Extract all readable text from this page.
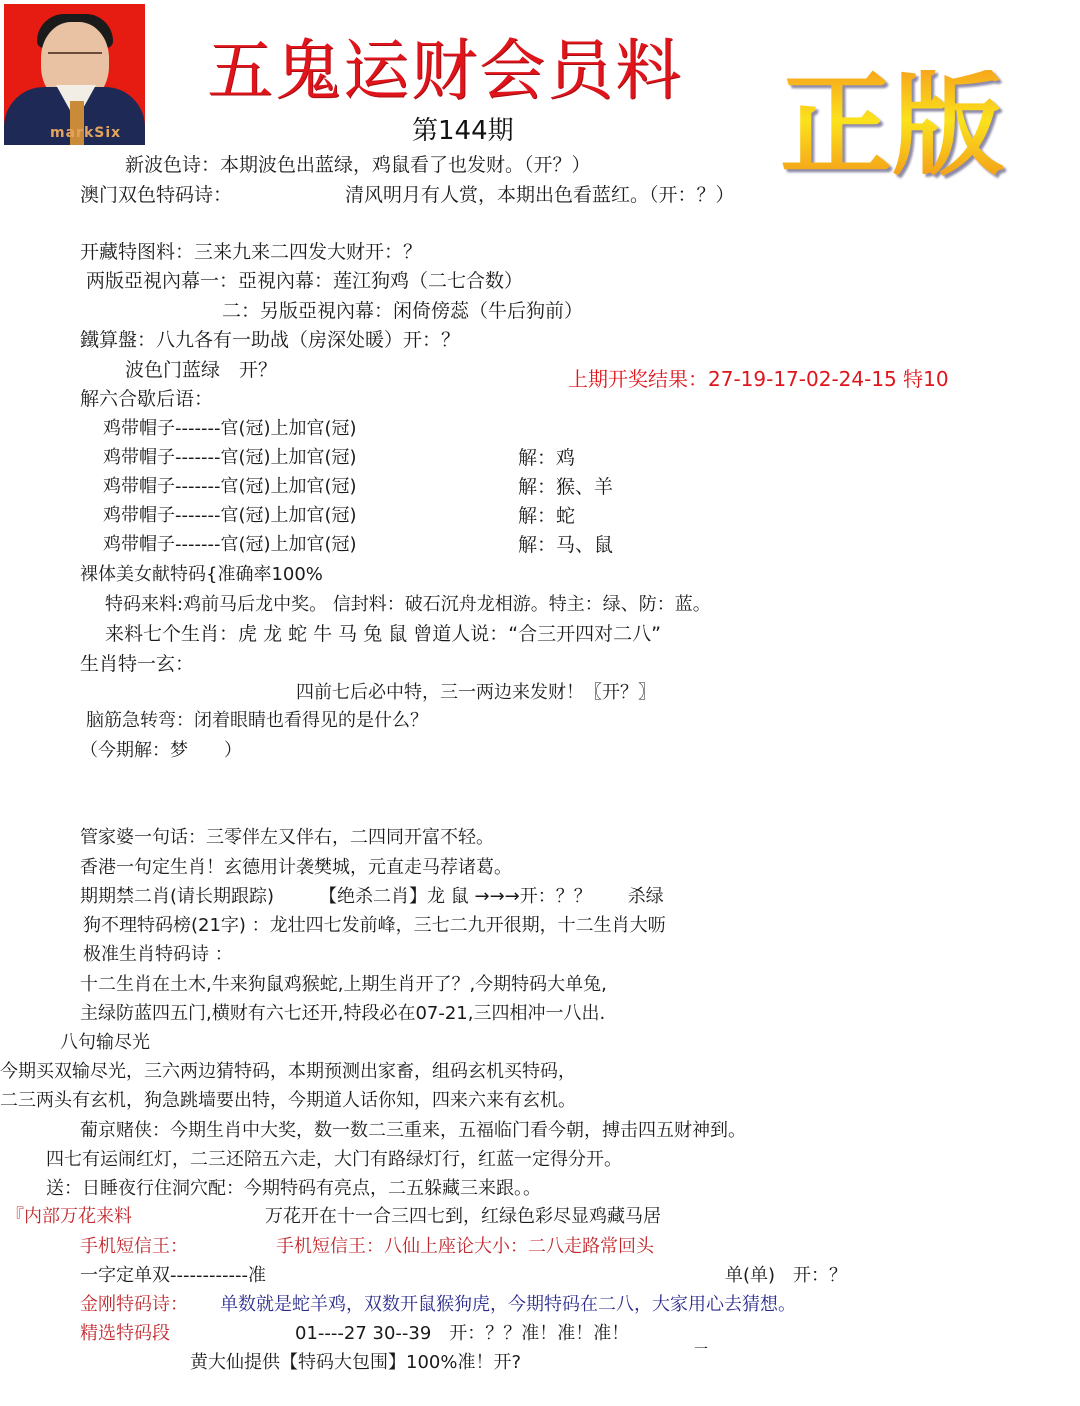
markSix
五鬼运财会员料
第144期 正版
新波色诗：本期波色出蓝绿，鸡鼠看了也发财。（开？）
澳门双色特码诗：	清风明月有人赏，本期出色看蓝红。（开：？）
开藏特图料：三来九来二四发大财开：？
两版亞視內幕一：亞視內幕：莲江狗鸡（二七合数）
二：另版亞視內幕：闲倚傍蕊（牛后狗前）
鐵算盤：八九各有一助战（房深处暖）开：？
波色门蓝绿　开？	上期开奖结果：27-19-17-02-24-15 特10
解六合歇后语：
鸡带帽子-------官(冠)上加官(冠)
鸡带帽子-------官(冠)上加官(冠)	解：鸡
鸡带帽子-------官(冠)上加官(冠)	解：猴、羊
鸡带帽子-------官(冠)上加官(冠)	解：蛇
鸡带帽子-------官(冠)上加官(冠)	解：马、鼠
裸体美女献特码{准确率100%
特码来料:鸡前马后龙中奖。 信封料：破石沉舟龙相游。特主：绿、防：蓝。
来料七个生肖：虎 龙 蛇 牛 马 兔 鼠 曾道人说：“合三开四对二八”
生肖特一玄：
四前七后必中特，三一两边来发财！〖开？〗
脑筋急转弯：闭着眼睛也看得见的是什么？
（今期解：梦　　）
管家婆一句话：三零伴左又伴右，二四同开富不轻。
香港一句定生肖！玄德用计袭樊城，元直走马荐诸葛。
期期禁二肖(请长期跟踪)　　　【绝杀二肖】龙 鼠 →→→开：？？　　杀绿
狗不理特码榜(21字) ：龙壮四七发前峰，三七二九开很期，十二生肖大呖
极准生肖特码诗 ：
十二生肖在土木,牛来狗鼠鸡猴蛇,上期生肖开了？,今期特码大单兔,
主绿防蓝四五门,横财有六七还开,特段必在07-21,三四相冲一八出.
八句输尽光
今期买双输尽光，三六两边猜特码，本期预测出家畜，组码玄机买特码，
二三两头有玄机，狗急跳墙要出特，今期道人话你知，四来六来有玄机。
葡京赌侠：今期生肖中大奖，数一数二三重来，五福临门看今朝，搏击四五财神到。
四七有运闹红灯，二三还陪五六走，大门有路绿灯行，红蓝一定得分开。
送：日睡夜行住洞穴配：今期特码有亮点，二五躲藏三来跟。。
『内部万花来料	万花开在十一合三四七到，红绿色彩尽显鸡藏马居
手机短信王：	手机短信王：八仙上座论大小：二八走路常回头
一字定单双------------准	单(单)　开：？
金刚特码诗： 单数就是蛇羊鸡，双数开鼠猴狗虎，今期特码在二八，大家用心去猜想。
精选特码段	01----27 30--39　开：？？准！准！准！
黄大仙提供【特码大包围】100%准！开?
一
